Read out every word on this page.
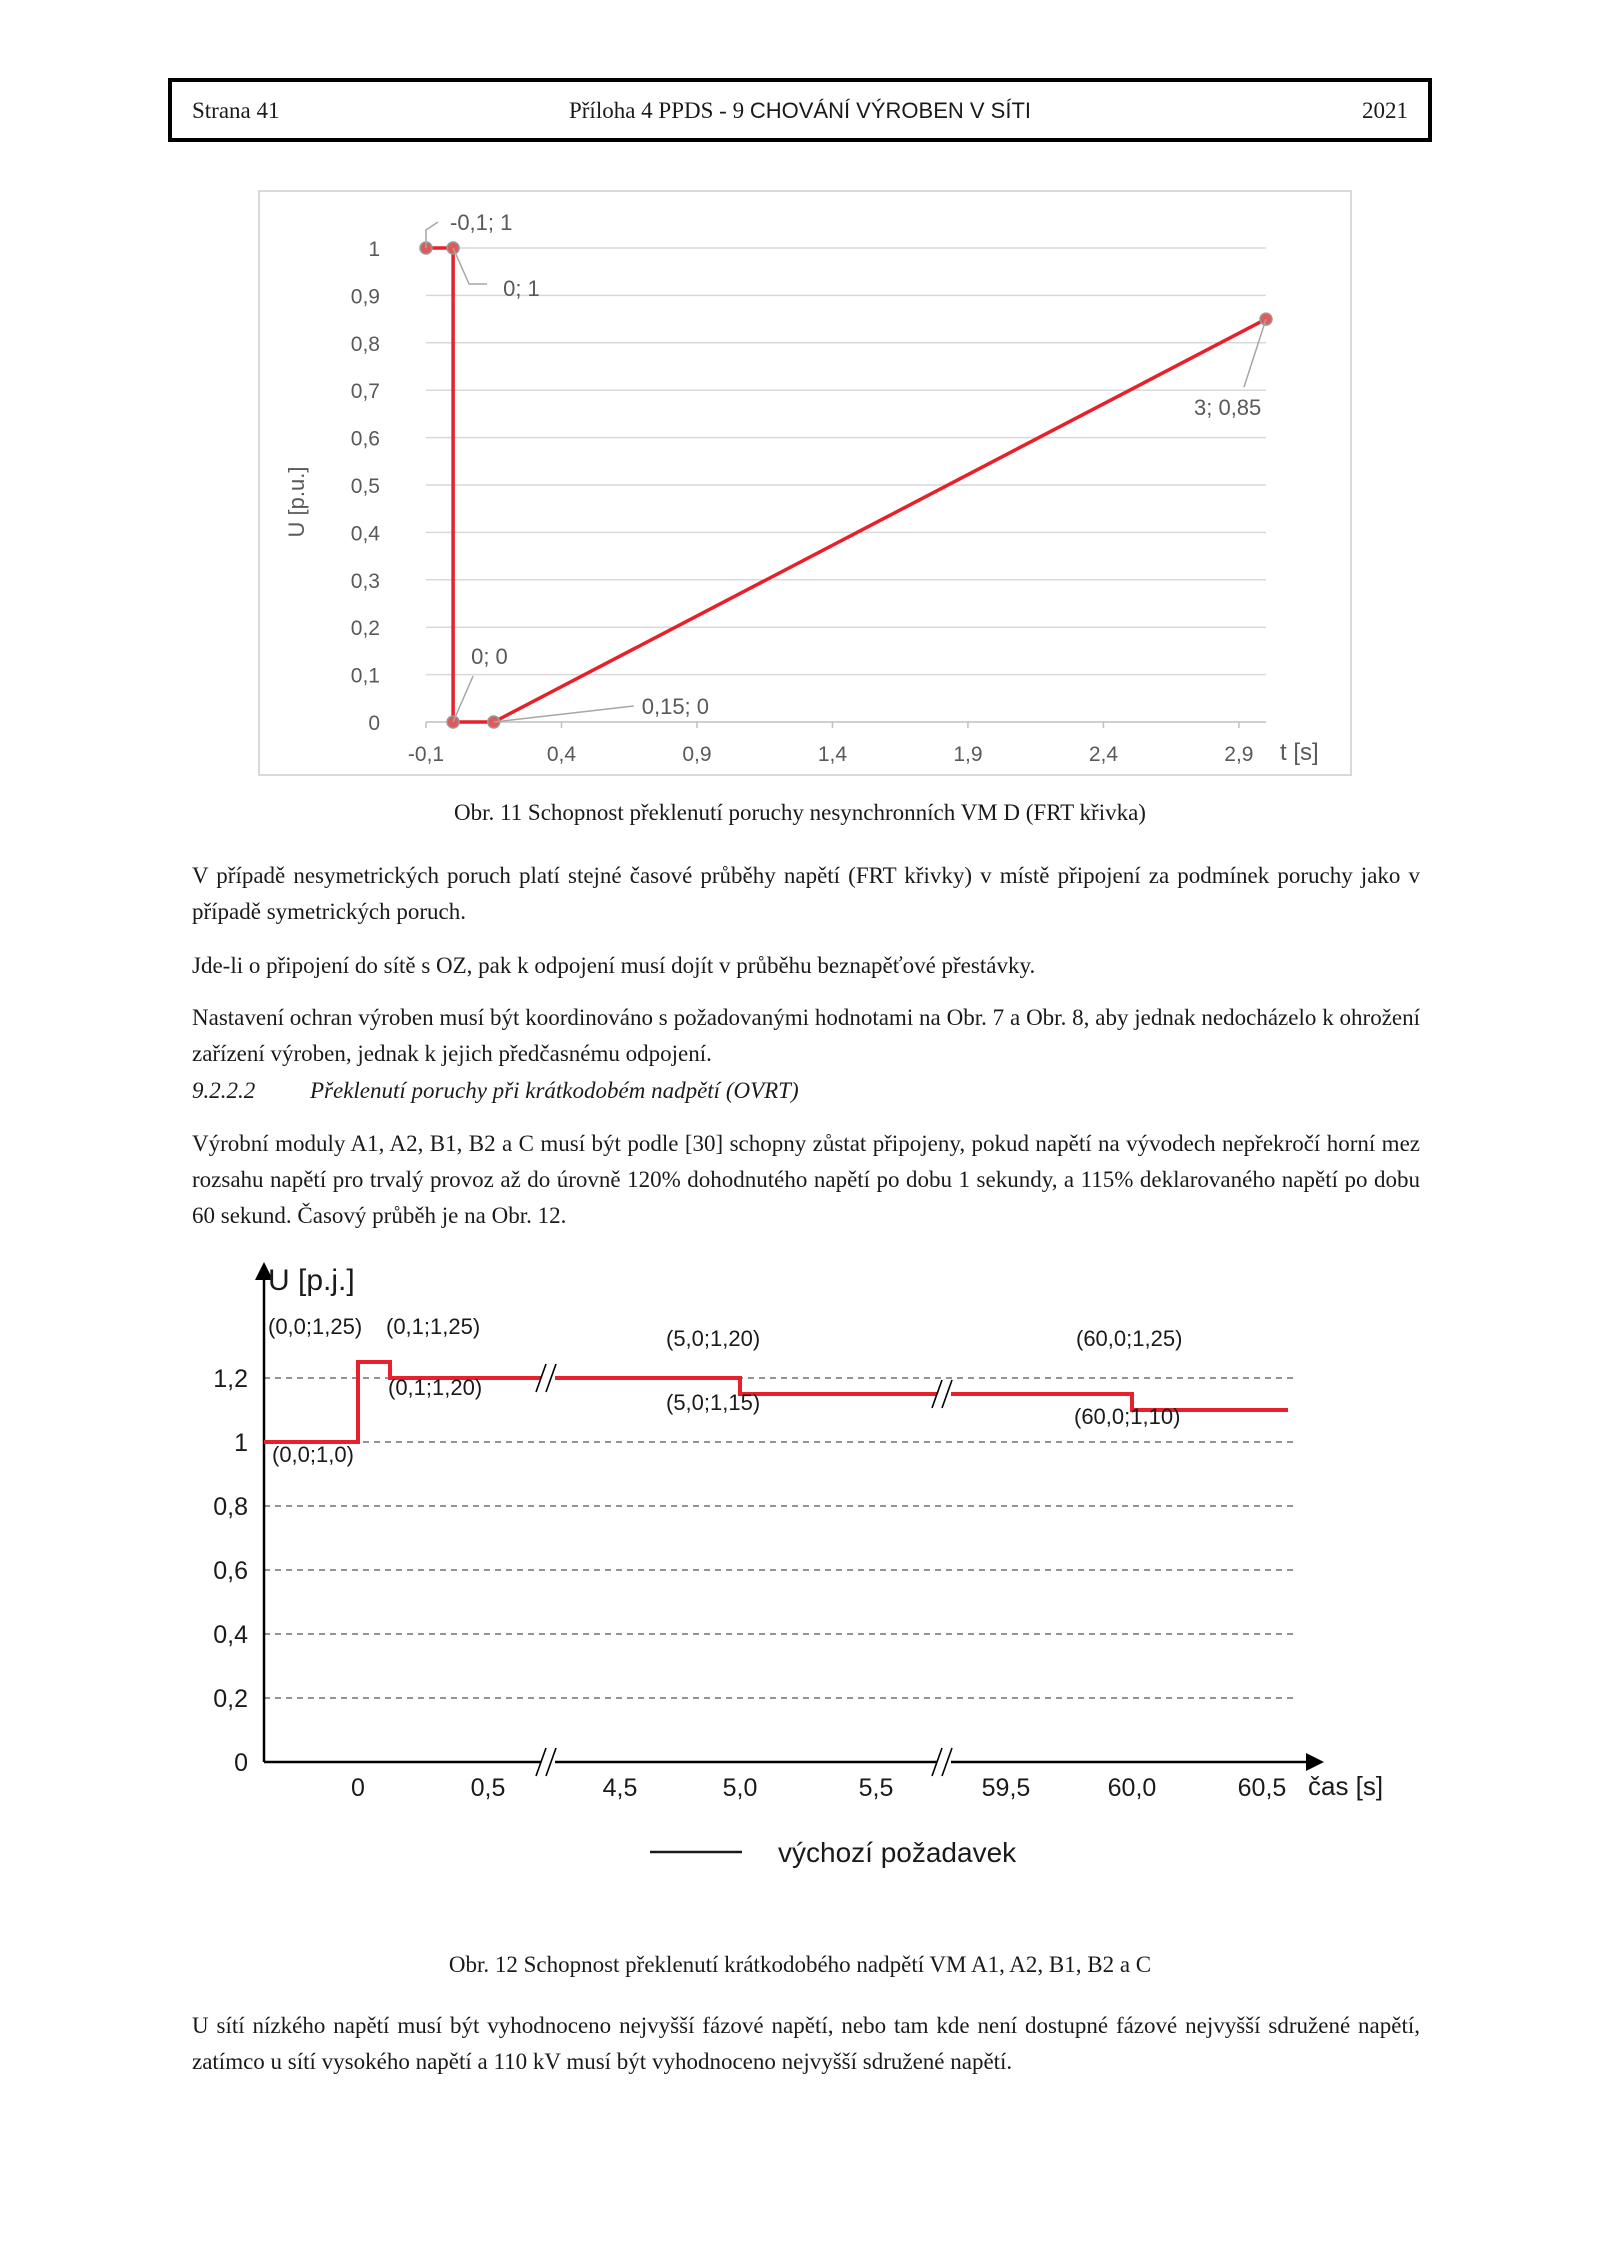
Strana 41	Příloha 4 PPDS - 9 CHOVÁNÍ VÝROBEN V SÍTI	2021
0
0,1
0,2
0,3
0,4
0,5
0,6
0,7
0,8
0,9
1
-0,1	0,4	0,9	1,4	1,9	2,4	2,9
U [p.u.]
t [s]
-0,1; 1
0; 1
0; 0
0,15; 0
3; 0,85
Obr. 11 Schopnost překlenutí poruchy nesynchronních VM D (FRT křivka)
V případě nesymetrických poruch platí stejné časové průběhy napětí (FRT křivky) v místě připojení za podmínek poruchy jako v případě symetrických poruch.
Jde-li o připojení do sítě s OZ, pak k odpojení musí dojít v průběhu beznapěťové přestávky.
Nastavení ochran výroben musí být koordinováno s požadovanými hodnotami na Obr. 7 a Obr. 8, aby jednak nedocházelo k ohrožení zařízení výroben, jednak k jejich předčasnému odpojení.
9.2.2.2 Překlenutí poruchy při krátkodobém nadpětí (OVRT)
Výrobní moduly A1, A2, B1, B2 a C musí být podle [30] schopny zůstat připojeny, pokud napětí na vývodech nepřekročí horní mez rozsahu napětí pro trvalý provoz až do úrovně 120% dohodnutého napětí po dobu 1 sekundy, a 115% deklarovaného napětí po dobu 60 sekund. Časový průběh je na Obr. 12.
0
0,2
0,4
0,6
0,8
1
1,2
0	0,5	4,5	5,0	5,5	59,5	60,0	60,5
U [p.j.]
čas [s]
(0,0;1,25) (0,1;1,25)
(0,1;1,20)
(0,0;1,0)
(5,0;1,20)
(5,0;1,15)
(60,0;1,25)
(60,0;1,10)
výchozí požadavek
Obr. 12 Schopnost překlenutí krátkodobého nadpětí VM A1, A2, B1, B2 a C
U sítí nízkého napětí musí být vyhodnoceno nejvyšší fázové napětí, nebo tam kde není dostupné fázové nejvyšší sdružené napětí, zatímco u sítí vysokého napětí a 110 kV musí být vyhodnoceno nejvyšší sdružené napětí.
